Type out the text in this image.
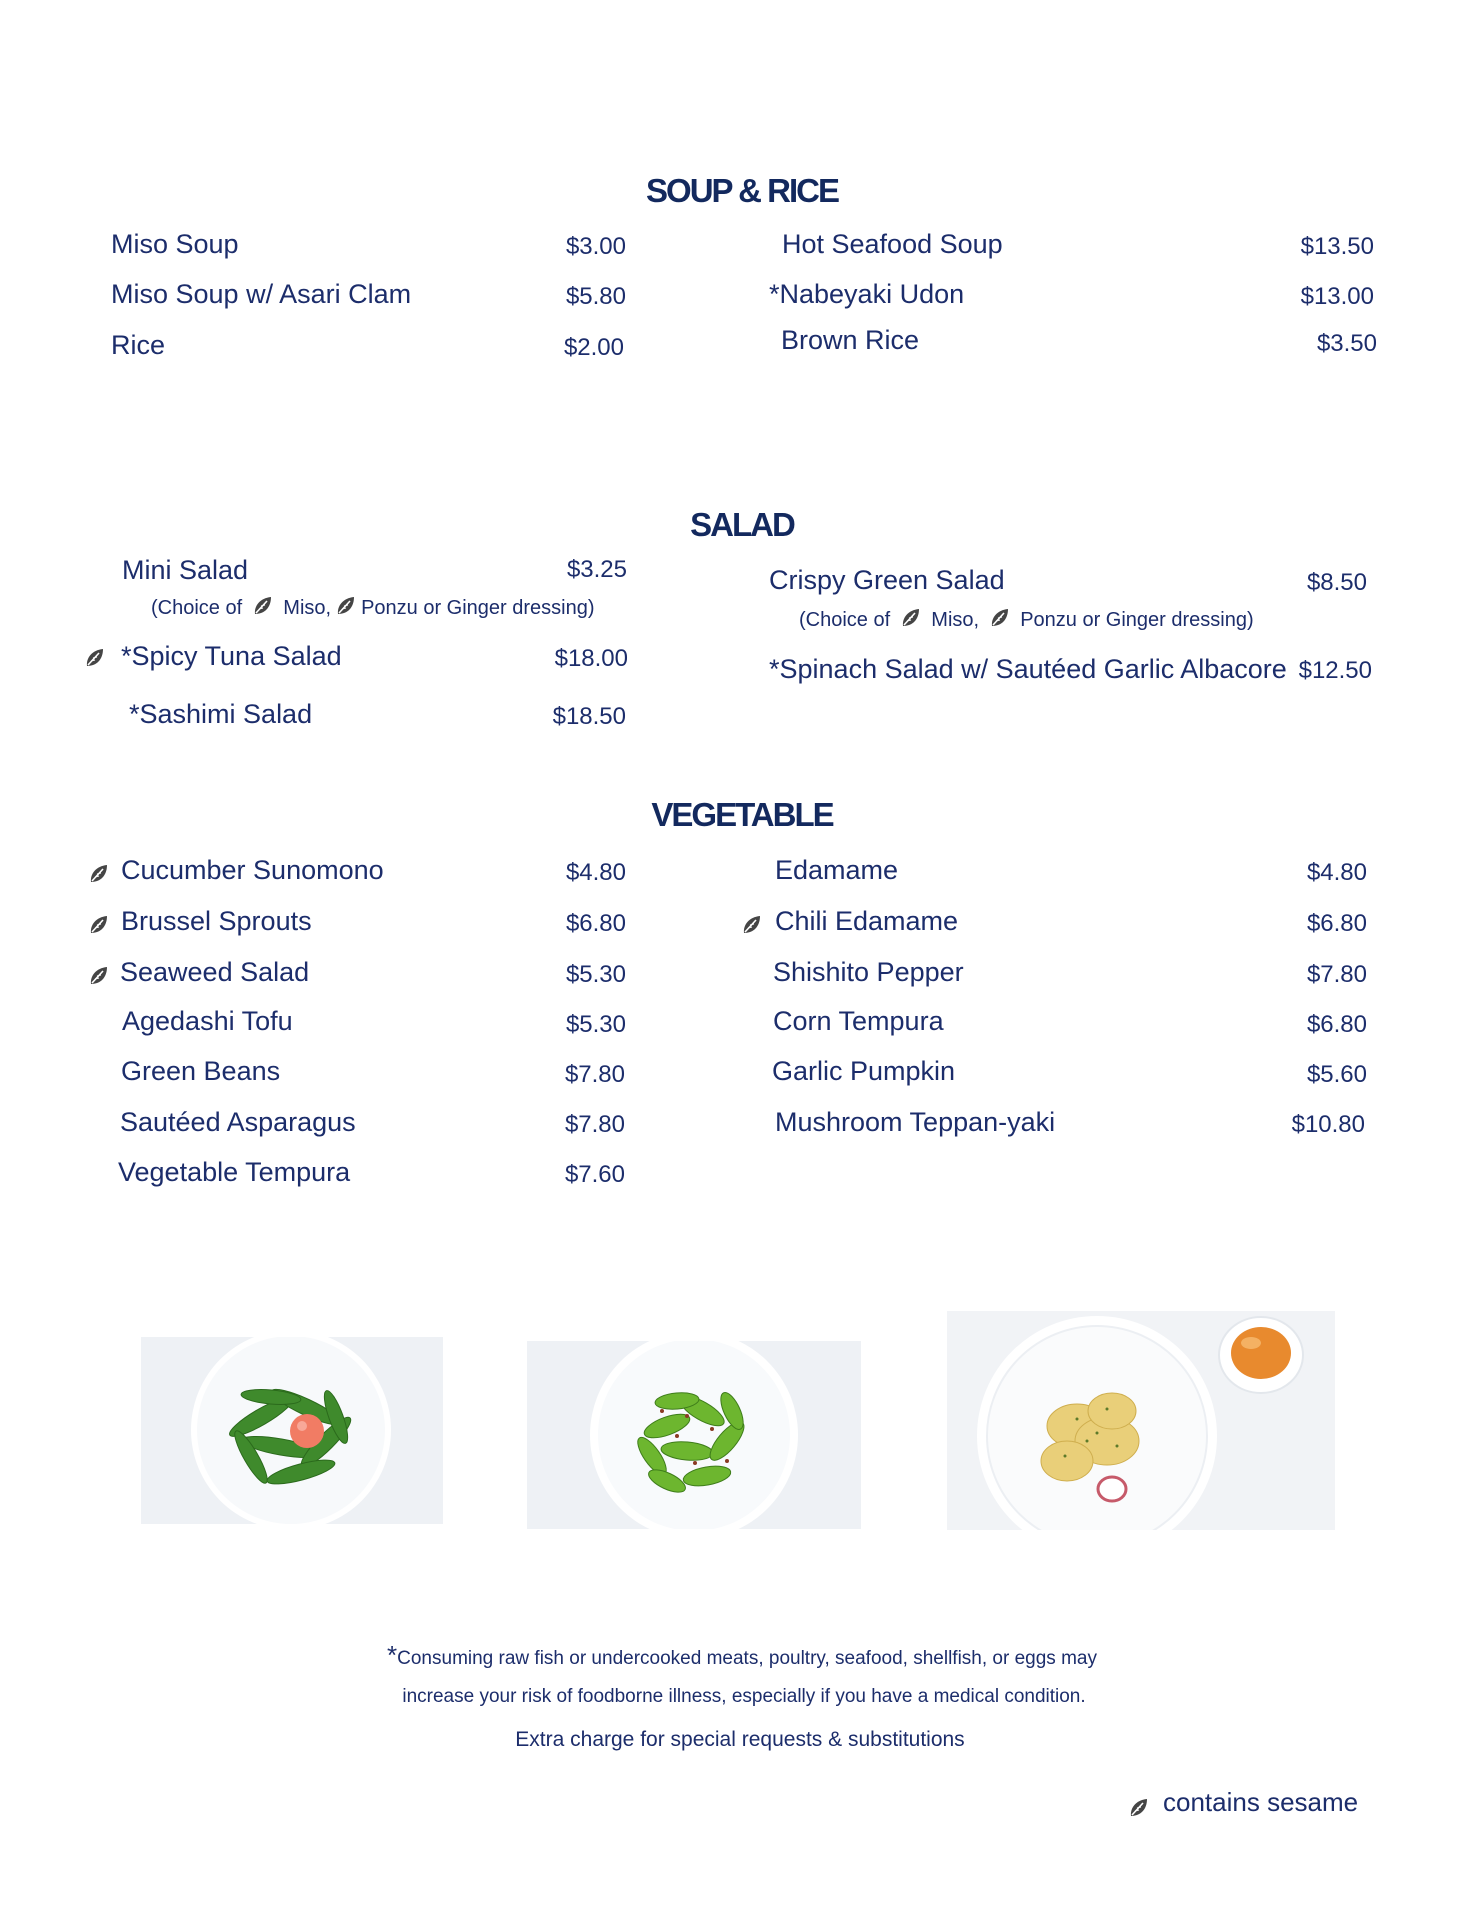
SOUP & RICE
Miso Soup	$3.00
Miso Soup w/ Asari Clam	$5.80
Rice	$2.00
Hot Seafood Soup	$13.50
*Nabeyaki Udon	$13.00
Brown Rice	$3.50
SALAD
Mini Salad	$3.25
(Choice of Miso, Ponzu or Ginger dressing)
*Spicy Tuna Salad	$18.00
*Sashimi Salad	$18.50
Crispy Green Salad	$8.50
(Choice of Miso, Ponzu or Ginger dressing)
*Spinach Salad w/ Sautéed Garlic Albacore $12.50
VEGETABLE
Cucumber Sunomono	$4.80
Brussel Sprouts	$6.80
Seaweed Salad	$5.30
Agedashi Tofu	$5.30
Green Beans	$7.80
Sautéed Asparagus	$7.80
Vegetable Tempura	$7.60
Edamame	$4.80
Chili Edamame	$6.80
Shishito Pepper	$7.80
Corn Tempura	$6.80
Garlic Pumpkin	$5.60
Mushroom Teppan-yaki	$10.80
*Consuming raw fish or undercooked meats, poultry, seafood, shellfish, or eggs may
increase your risk of foodborne illness, especially if you have a medical condition.
Extra charge for special requests & substitutions
contains sesame
